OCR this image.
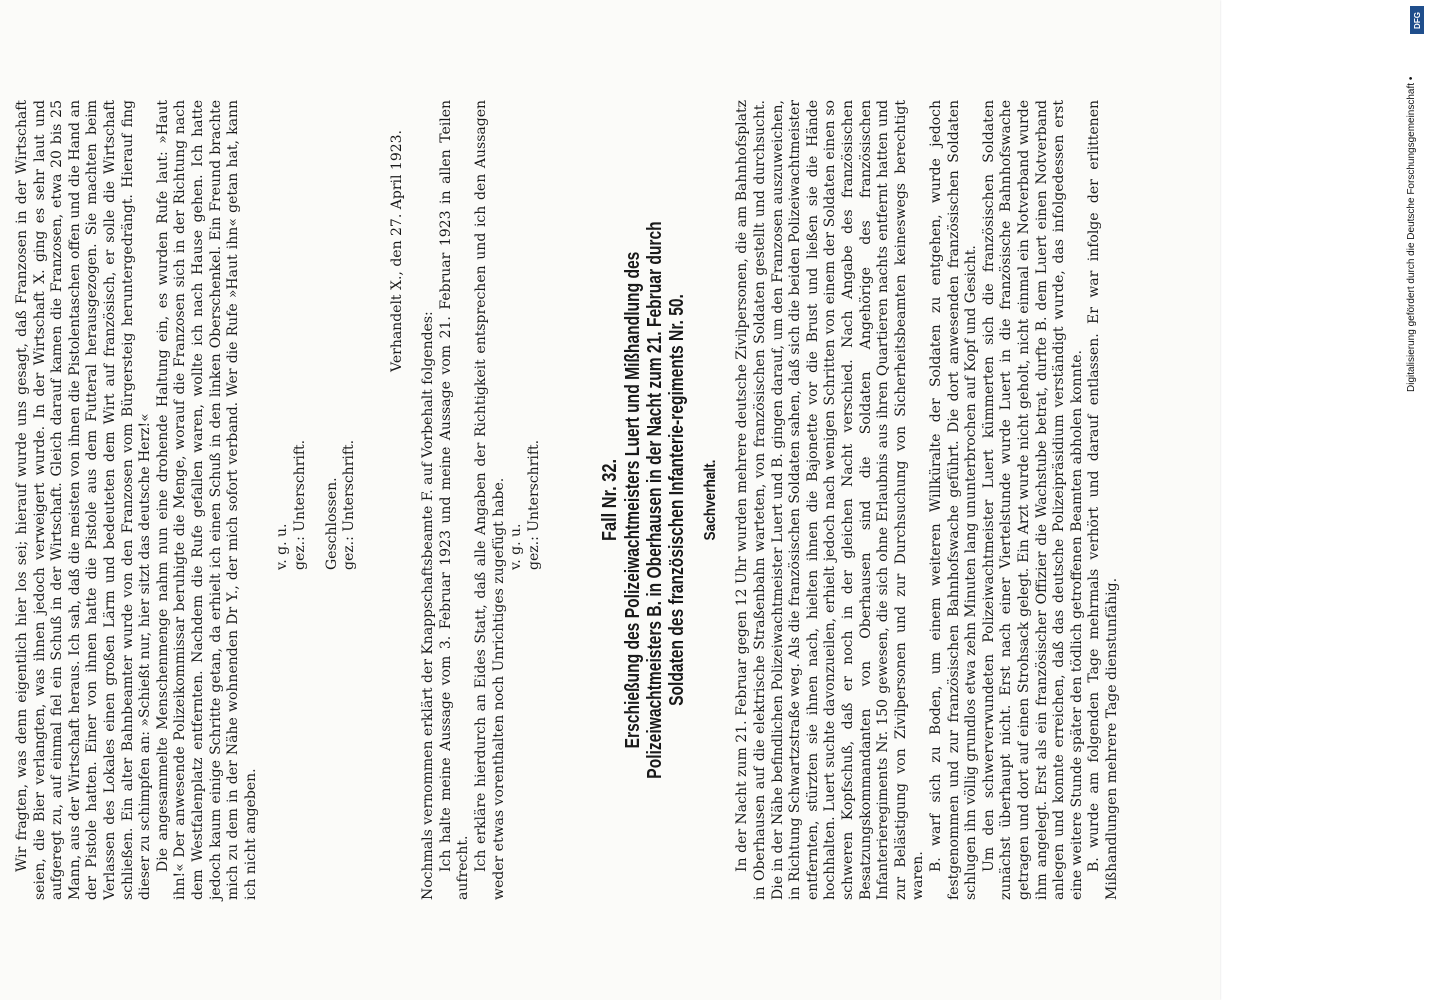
Wir fragten, was denn eigentlich hier los sei; hierauf wurde uns gesagt, daß Franzosen in der Wirtschaft seien, die Bier verlangten, was ihnen jedoch verweigert wurde. In der Wirtschaft X. ging es sehr laut und aufgeregt zu, auf einmal fiel ein Schuß in der Wirtschaft. Gleich darauf kamen die Franzosen, etwa 20 bis 25 Mann, aus der Wirtschaft heraus. Ich sah, daß die meisten von ihnen die Pistolentaschen offen und die Hand an der Pistole hatten. Einer von ihnen hatte die Pistole aus dem Futteral herausgezogen. Sie machten beim Verlassen des Lokales einen großen Lärm und bedeuteten dem Wirt auf französisch, er solle die Wirtschaft schließen. Ein alter Bahnbeamter wurde von den Franzosen vom Bürgersteig heruntergedrängt. Hierauf fing dieser zu schimpfen an: »Schießt nur, hier sitzt das deutsche Herz!« Die angesammelte Menschenmenge nahm nun eine drohende Haltung ein, es wurden Rufe laut: »Haut ihn!« Der anwesende Polizeikommissar beruhigte die Menge, worauf die Franzosen sich in der Richtung nach dem Westfalenplatz entfernten. Nachdem die Rufe gefallen waren, wollte ich nach Hause gehen. Ich hatte jedoch kaum einige Schritte getan, da erhielt ich einen Schuß in den linken Oberschenkel. Ein Freund brachte mich zu dem in der Nähe wohnenden Dr Y., der mich sofort verband. Wer die Rufe »Haut ihn« getan hat, kann ich nicht angeben.

v. g. u. gez.: Unterschrift. Geschlossen. gez.: Unterschrift.
Verhandelt X., den 27. April 1923.

Nochmals vernommen erklärt der Knappschaftsbeamte F. auf Vorbehalt folgendes: Ich halte meine Aussage vom 3. Februar 1923 und meine Aussage vom 21. Februar 1923 in allen Teilen aufrecht. Ich erkläre hierdurch an Eides Statt, daß alle Angaben der Richtigkeit entsprechen und ich den Aussagen weder etwas vorenthalten noch Unrichtiges zugefügt habe. v. g. u. gez.: Unterschrift.	Fall Nr. 32. Erschießung des Polizeiwachtmeisters Luert und Mißhandlung des Polizeiwachtmeisters B. in Oberhausen in der Nacht zum 21. Februar durch Soldaten des französischen Infanterie-regiments Nr. 50. Sachverhalt. In der Nacht zum 21. Februar gegen 12 Uhr wurden mehrere deutsche Zivilpersonen, die am Bahnhofsplatz in Oberhausen auf die elektrische Straßenbahn warteten, von französischen Soldaten gestellt und durchsucht. Die in der Nähe befindlichen Polizeiwachtmeister Luert und B. gingen darauf, um den Franzosen auszuweichen, in Richtung Schwartzstraße weg. Als die französischen Soldaten sahen, daß sich die beiden Polizeiwachtmeister entfernten, stürzten sie ihnen nach, hielten ihnen die Bajonette vor die Brust und ließen sie die Hände hochhalten. Luert suchte davonzueilen, erhielt jedoch nach wenigen Schritten von einem der Soldaten einen so schweren Kopfschuß, daß er noch in der gleichen Nacht verschied. Nach Angabe des französischen Besatzungskommandanten von Oberhausen sind die Soldaten Angehörige des französischen Infanterieregiments Nr. 150 gewesen, die sich ohne Erlaubnis aus ihren Quartieren nachts entfernt hatten und zur Belästigung von Zivilpersonen und zur Durchsuchung von Sicherheitsbeamten keineswegs berechtigt waren.

B. warf sich zu Boden, um einem weiteren Willküralte der Soldaten zu entgehen, wurde jedoch festgenommen und zur französischen Bahnhofswache geführt. Die dort anwesenden französischen Soldaten schlugen ihn völlig grundlos etwa zehn Minuten lang ununterbrochen auf Kopf und Gesicht. Um den schwerverwundeten Polizeiwachtmeister Luert kümmerten sich die französischen Soldaten zunächst überhaupt nicht. Erst nach einer Viertelstunde wurde Luert in die französische Bahnhofswache getragen und dort auf einen Strohsack gelegt. Ein Arzt wurde nicht geholt, nicht einmal ein Notverband wurde ihm angelegt. Erst als ein französischer Offizier die Wachstube betrat, durfte B. dem Luert einen Notverband anlegen und konnte erreichen, daß das deutsche Polizeipräsidium verständigt wurde, das infolgedessen erst eine weitere Stunde später den tödlich getroffenen Beamten abholen konnte. B. wurde am folgenden Tage mehrmals verhört und darauf entlassen. Er war infolge der erlittenen Mißhandlungen mehrere Tage dienstunfähig.

DFG
Digitalisierung gefördert durch die Deutsche Forschungsgemeinschaft •
